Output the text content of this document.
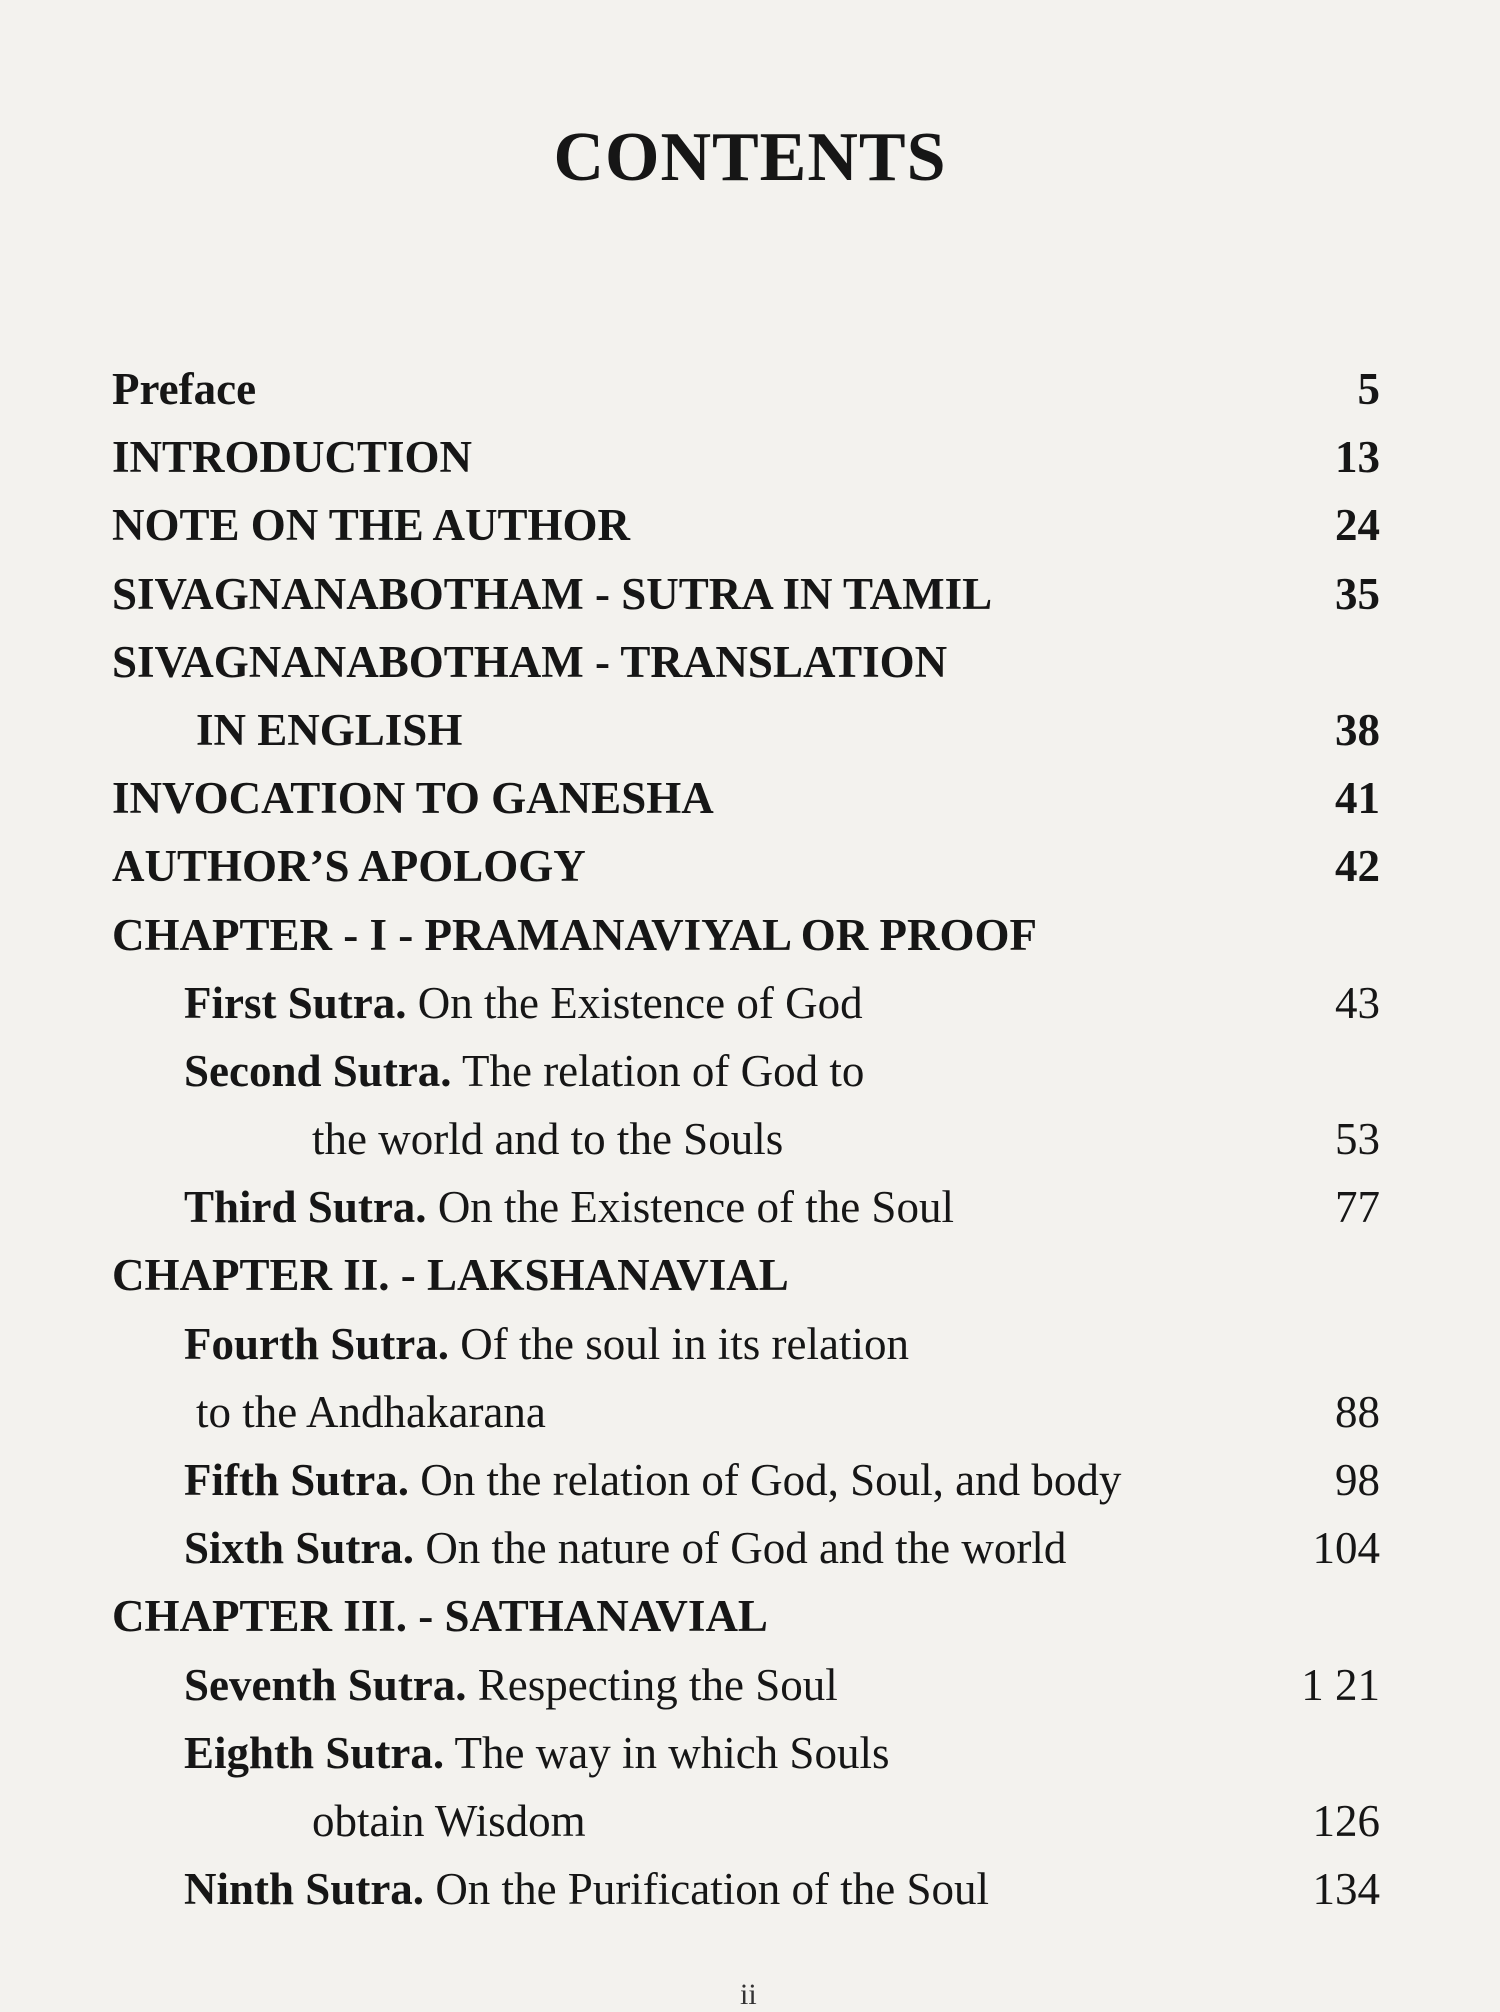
CONTENTS
Preface	5
INTRODUCTION	13
NOTE ON THE AUTHOR	24
SIVAGNANABOTHAM - SUTRA IN TAMIL	35
SIVAGNANABOTHAM - TRANSLATION
IN ENGLISH	38
INVOCATION TO GANESHA	41
AUTHOR’S APOLOGY	42
CHAPTER - I - PRAMANAVIYAL OR PROOF
First Sutra. On the Existence of God	43
Second Sutra. The relation of God to
the world and to the Souls	53
Third Sutra. On the Existence of the Soul	77
CHAPTER II. - LAKSHANAVIAL
Fourth Sutra. Of the soul in its relation
to the Andhakarana	88
Fifth Sutra. On the relation of God, Soul, and body	98
Sixth Sutra. On the nature of God and the world	104
CHAPTER III. - SATHANAVIAL
Seventh Sutra. Respecting the Soul	1 21
Eighth Sutra. The way in which Souls
obtain Wisdom	126
Ninth Sutra. On the Purification of the Soul	134
ii
